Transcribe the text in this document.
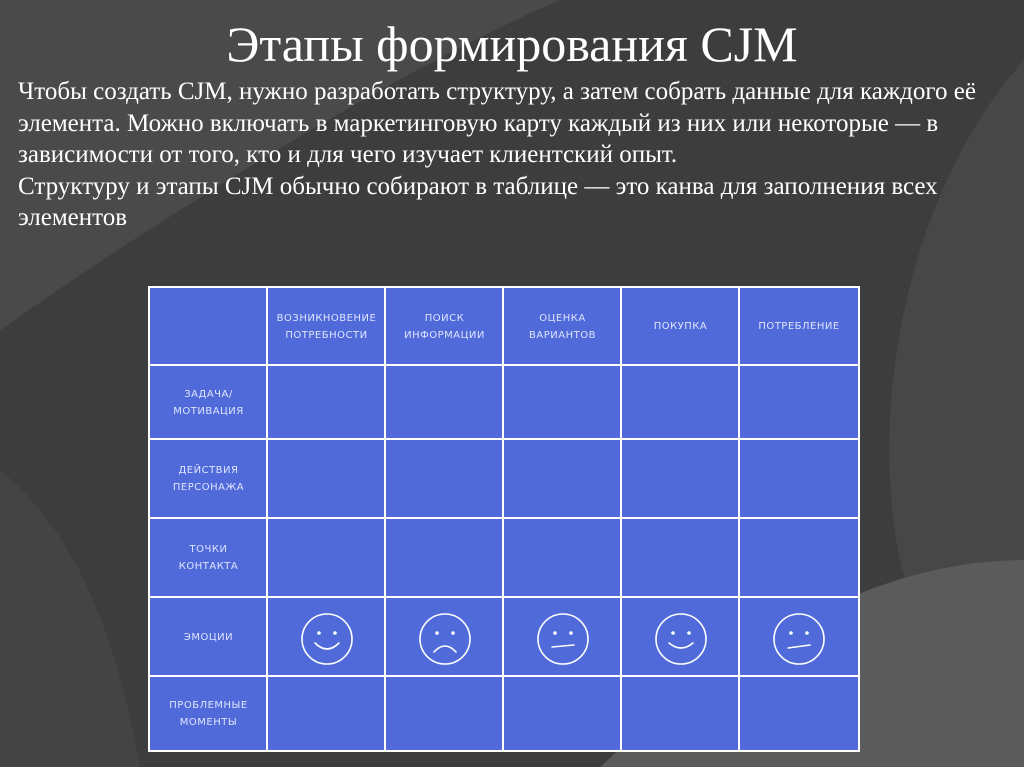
Этапы формирования CJM

Чтобы создать CJM, нужно разработать структуру, а затем собрать данные для каждого её элемента. Можно включать в маркетинговую карту каждый из них или некоторые — в зависимости от того, кто и для чего изучает клиентский опыт.

Структуру и этапы CJM обычно собирают в таблице — это канва для заполнения всех элементов

ВОЗНИКНОВЕНИЕ
ПОТРЕБНОСТИ
ПОИСК
ИНФОРМАЦИИ
ОЦЕНКА
ВАРИАНТОВ
ПОКУПКА	ПОТРЕБЛЕНИЕ
ЗАДАЧА/
МОТИВАЦИЯ
ДЕЙСТВИЯ
ПЕРСОНАЖА
ТОЧКИ
КОНТАКТА
ЭМОЦИИ
ПРОБЛЕМНЫЕ
МОМЕНТЫ
